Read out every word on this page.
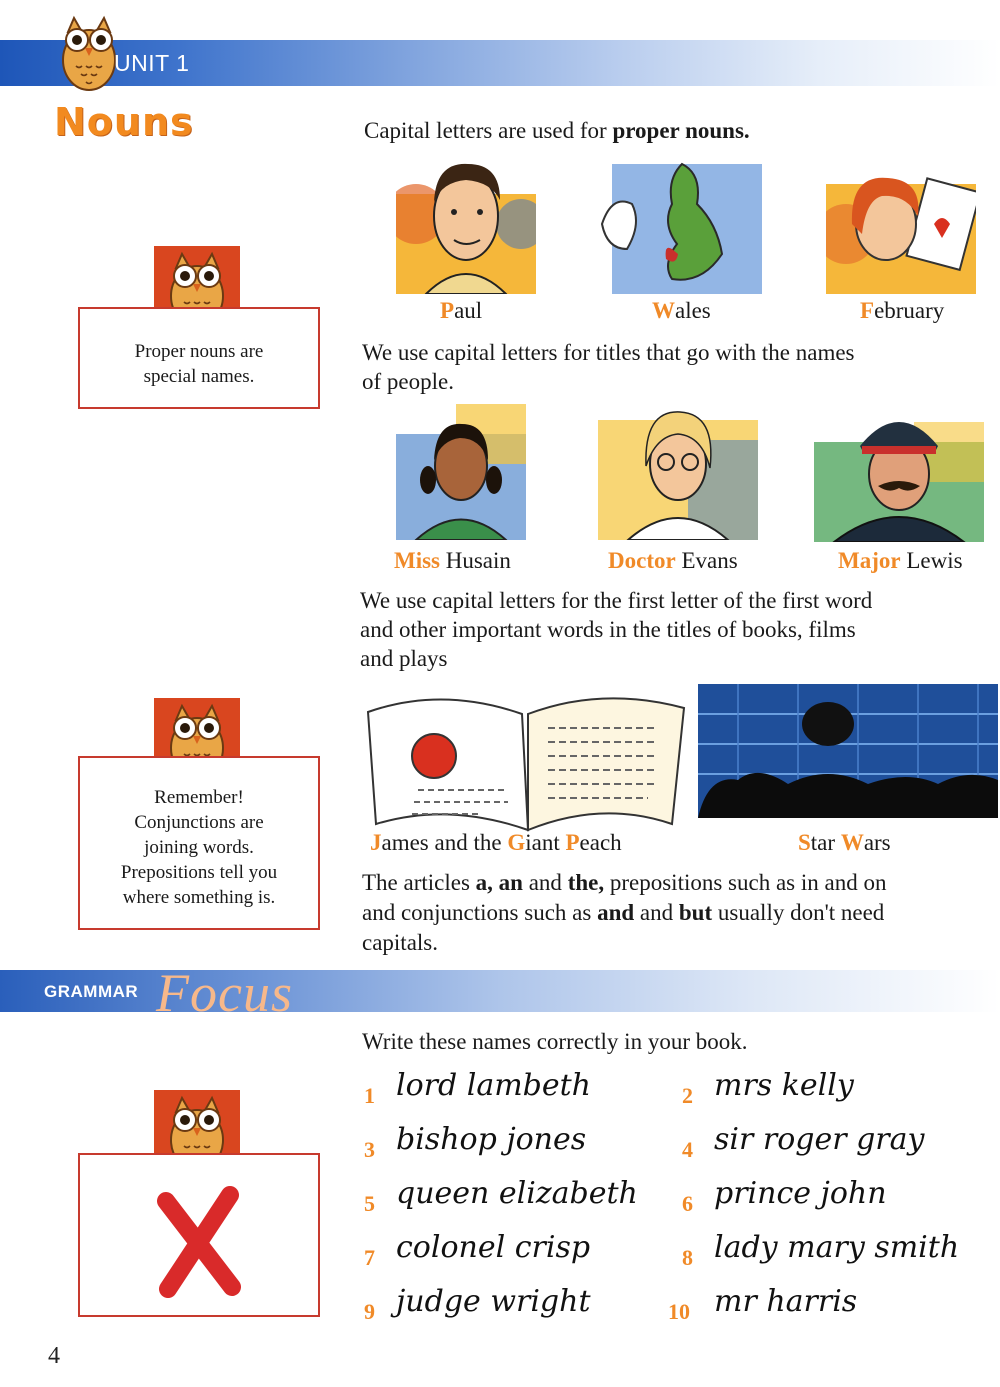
UNIT 1
Nouns	Capital letters are used for proper nouns.
Paul	Wales	February
Proper nouns are
special names.
We use capital letters for titles that go with the names
of people.
Miss Husain	Doctor Evans	Major Lewis
We use capital letters for the first letter of the first word
and other important words in the titles of books, films
and plays
James and the Giant Peach	Star Wars
Remember!
Conjunctions are
joining words.
Prepositions tell you
where something is.
The articles a, an and the, prepositions such as in and on
and conjunctions such as and and but usually don't need
capitals.
GRAMMAR Focus
Write these names correctly in your book.
1 lord lambeth	2 mrs kelly
3 bishop jones	4 sir roger gray
5 queen elizabeth 6 prince john
7 colonel crisp	8 lady mary smith
9 judge wright	10 mr harris
4
